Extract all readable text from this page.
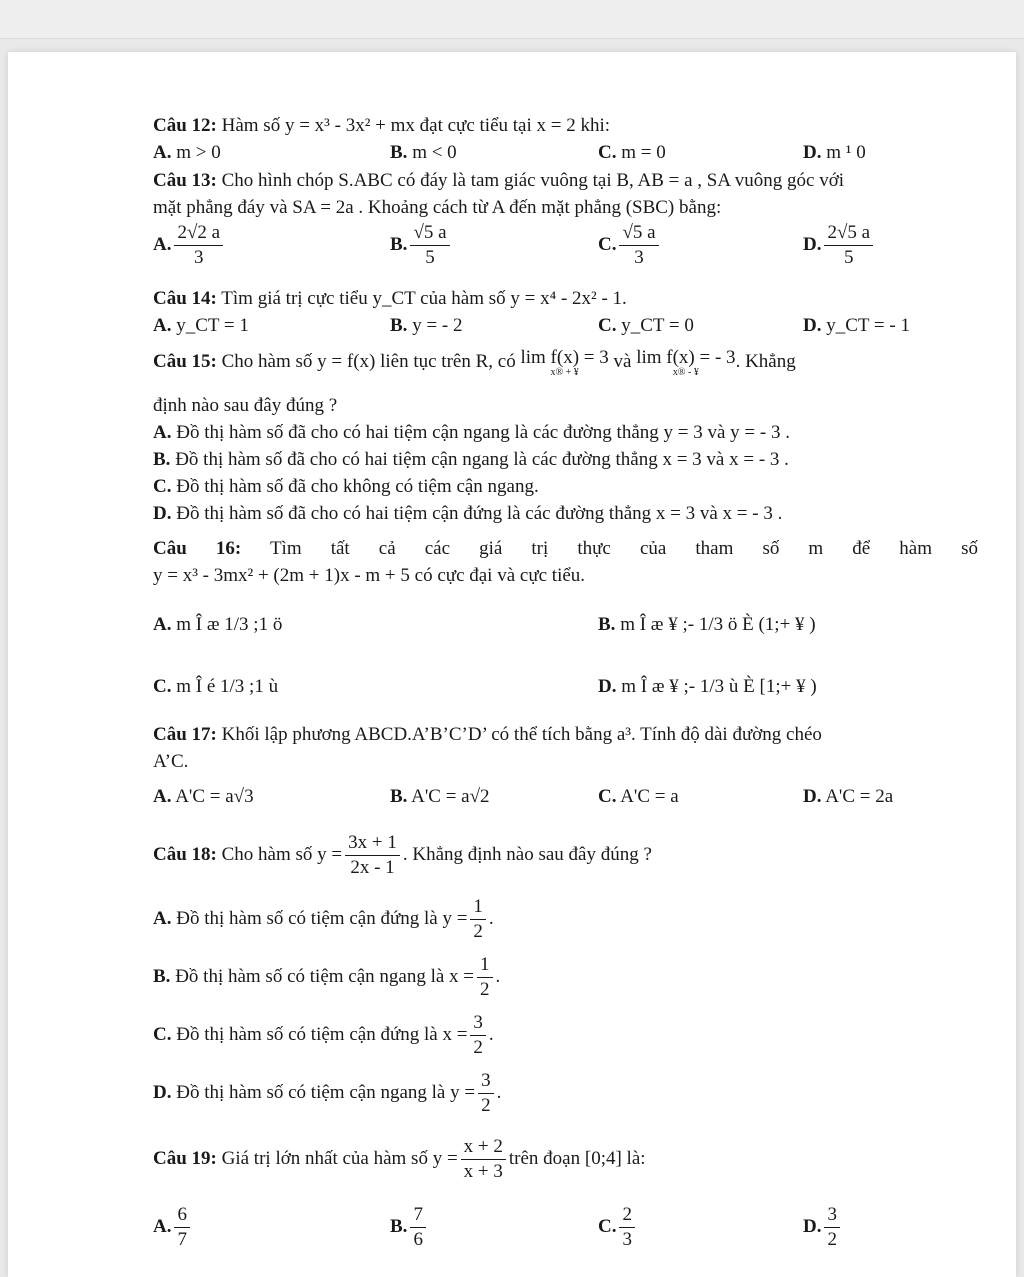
Câu 12: Hàm số y = x³ - 3x² + mx đạt cực tiểu tại x = 2 khi:

A. m > 0	B. m < 0	C. m = 0	D. m ¹ 0

Câu 13: Cho hình chóp S.ABC có đáy là tam giác vuông tại B, AB = a , SA vuông góc với

mặt phẳng đáy và SA = 2a . Khoảng cách từ A đến mặt phẳng (SBC) bằng:

A. $\frac{2√2 a}{3}$	B. $\frac{√5 a}{5}$	C. $\frac{√5 a}{3}$	D. $\frac{2√5 a}{5}$

Câu 14: Tìm giá trị cực tiểu y_CT của hàm số y = x⁴ - 2x² - 1.

A. y_CT = 1	B. y = - 2	C. y_CT = 0	D. y_CT = - 1

Câu 15: Cho hàm số y = f(x) liên tục trên R, có lim f(x) = 3
x® + ¥
và lim f(x) = - 3
x® - ¥
. Khẳng

định nào sau đây đúng ?

A. Đồ thị hàm số đã cho có hai tiệm cận ngang là các đường thẳng y = 3 và y = - 3 .

B. Đồ thị hàm số đã cho có hai tiệm cận ngang là các đường thẳng x = 3 và x = - 3 .

C. Đồ thị hàm số đã cho không có tiệm cận ngang.

D. Đồ thị hàm số đã cho có hai tiệm cận đứng là các đường thẳng x = 3 và x = - 3 .

Câu 16: Tìm tất cả các giá trị thực của tham số m để hàm số

y = x³ - 3mx² + (2m + 1)x - m + 5 có cực đại và cực tiểu.

A. m Î æ 1/3 ;1 ö	B. m Î æ ¥ ;- 1/3 ö È (1;+ ¥ )
C. m Î é 1/3 ;1 ù	D. m Î æ ¥ ;- 1/3 ù È [1;+ ¥ )

Câu 17: Khối lập phương ABCD.A’B’C’D’ có thể tích bằng a³. Tính độ dài đường chéo

A’C.

A. A'C = a√3	B. A'C = a√2	C. A'C = a	D. A'C = 2a

Câu 18: Cho hàm số $y = \frac{3x + 1}{2x - 1}$ . Khẳng định nào sau đây đúng ?

A. Đồ thị hàm số có tiệm cận đứng là $y = \frac{1}{2}$ .

B. Đồ thị hàm số có tiệm cận ngang là $x = \frac{1}{2}$ .

C. Đồ thị hàm số có tiệm cận đứng là $x = \frac{3}{2}$ .

D. Đồ thị hàm số có tiệm cận ngang là $y = \frac{3}{2}$ .

Câu 19: Giá trị lớn nhất của hàm số $y = \frac{x + 2}{x + 3}$ trên đoạn [0;4] là:

A. $\frac{6}{7}$	B. $\frac{7}{6}$	C. $\frac{2}{3}$	D. $\frac{3}{2}$
